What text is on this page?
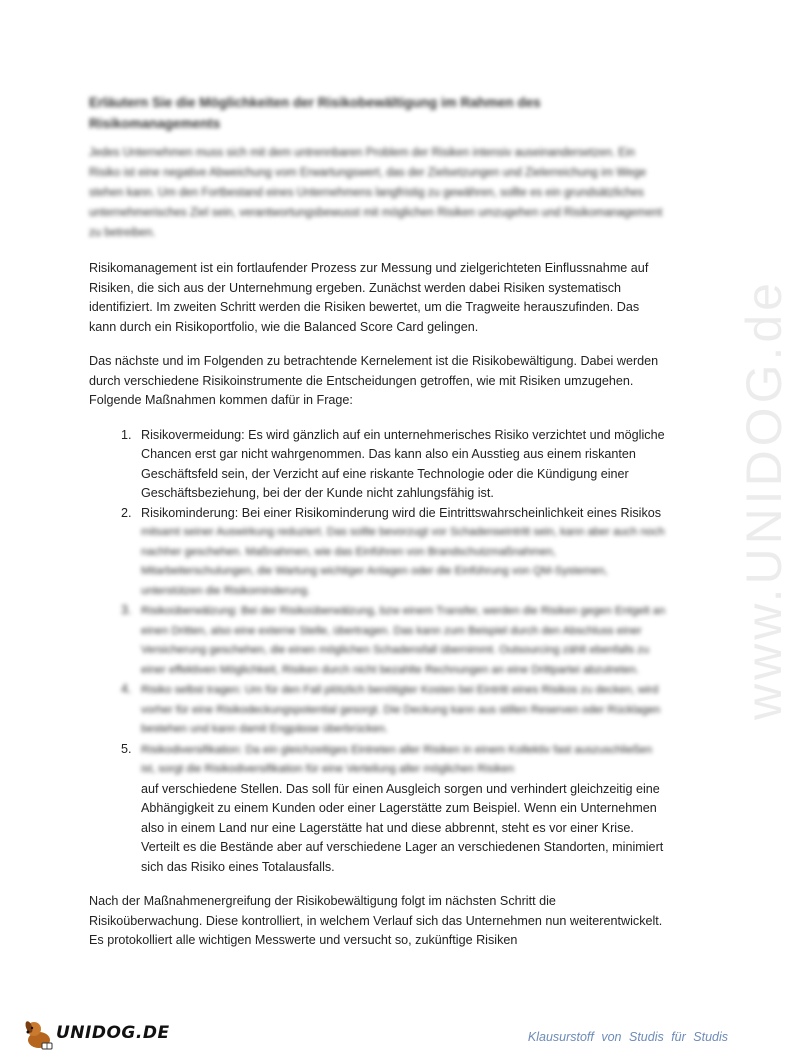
Erläutern Sie die Möglichkeiten der Risikobewältigung im Rahmen des Risikomanagements

Jedes Unternehmen muss sich mit dem untrennbaren Problem der Risiken intensiv auseinandersetzen. Ein Risiko ist eine negative Abweichung vom Erwartungswert, das der Zielsetzungen und Zielerreichung im Wege stehen kann. Um den Fortbestand eines Unternehmens langfristig zu gewähren, sollte es ein grundsätzliches unternehmerisches Ziel sein, verantwortungsbewusst mit möglichen Risiken umzugehen und Risikomanagement zu betreiben.

Risikomanagement ist ein fortlaufender Prozess zur Messung und zielgerichteten Einflussnahme auf Risiken, die sich aus der Unternehmung ergeben. Zunächst werden dabei Risiken systematisch identifiziert. Im zweiten Schritt werden die Risiken bewertet, um die Tragweite herauszufinden. Das kann durch ein Risikoportfolio, wie die Balanced Score Card gelingen.

Das nächste und im Folgenden zu betrachtende Kernelement ist die Risikobewältigung. Dabei werden durch verschiedene Risikoinstrumente die Entscheidungen getroffen, wie mit Risiken umzugehen. Folgende Maßnahmen kommen dafür in Frage:

1. Risikovermeidung: Es wird gänzlich auf ein unternehmerisches Risiko verzichtet und mögliche Chancen erst gar nicht wahrgenommen. Das kann also ein Ausstieg aus einem riskanten Geschäftsfeld sein, der Verzicht auf eine riskante Technologie oder die Kündigung einer Geschäftsbeziehung, bei der der Kunde nicht zahlungsfähig ist.
2. Risikominderung: Bei einer Risikominderung wird die Eintrittswahrscheinlichkeit eines Risikos
mitsamt seiner Auswirkung reduziert. Das sollte bevorzugt vor Schadenseintritt sein, kann aber auch noch nachher geschehen. Maßnahmen, wie das Einführen von Brandschutzmaßnahmen, Mitarbeiterschulungen, die Wartung wichtiger Anlagen oder die Einführung von QM-Systemen, unterstützen die Risikominderung.
3. Risikoüberwälzung: Bei der Risikoüberwälzung, bzw einem Transfer, werden die Risiken gegen Entgelt an einen Dritten, also eine externe Stelle, übertragen. Das kann zum Beispiel durch den Abschluss einer Versicherung geschehen, die einen möglichen Schadensfall übernimmt. Outsourcing zählt ebenfalls zu einer effektiven Möglichkeit, Risiken durch nicht bezahlte Rechnungen an eine Drittpartei abzutreten.
4. Risiko selbst tragen: Um für den Fall plötzlich benötigter Kosten bei Eintritt eines Risikos zu decken, wird vorher für eine Risikodeckungspotential gesorgt. Die Deckung kann aus stillen Reserven oder Rücklagen bestehen und kann damit Engpässe überbrücken.
5. Risikodiversifikation: Da ein gleichzeitiges Eintreten aller Risiken in einem Kollektiv fast auszuschließen ist, sorgt die Risikodiversifikation für eine Verteilung aller möglichen Risiken
auf verschiedene Stellen. Das soll für einen Ausgleich sorgen und verhindert gleichzeitig eine Abhängigkeit zu einem Kunden oder einer Lagerstätte zum Beispiel. Wenn ein Unternehmen also in einem Land nur eine Lagerstätte hat und diese abbrennt, steht es vor einer Krise. Verteilt es die Bestände aber auf verschiedene Lager an verschiedenen Standorten, minimiert sich das Risiko eines Totalausfalls.

Nach der Maßnahmenergreifung der Risikobewältigung folgt im nächsten Schritt die Risikoüberwachung. Diese kontrolliert, in welchem Verlauf sich das Unternehmen nun weiterentwickelt. Es protokolliert alle wichtigen Messwerte und versucht so, zukünftige Risiken

www.UNIDOG.de
UNIDOG.DE	Klausurstoff von Studis für Studis
